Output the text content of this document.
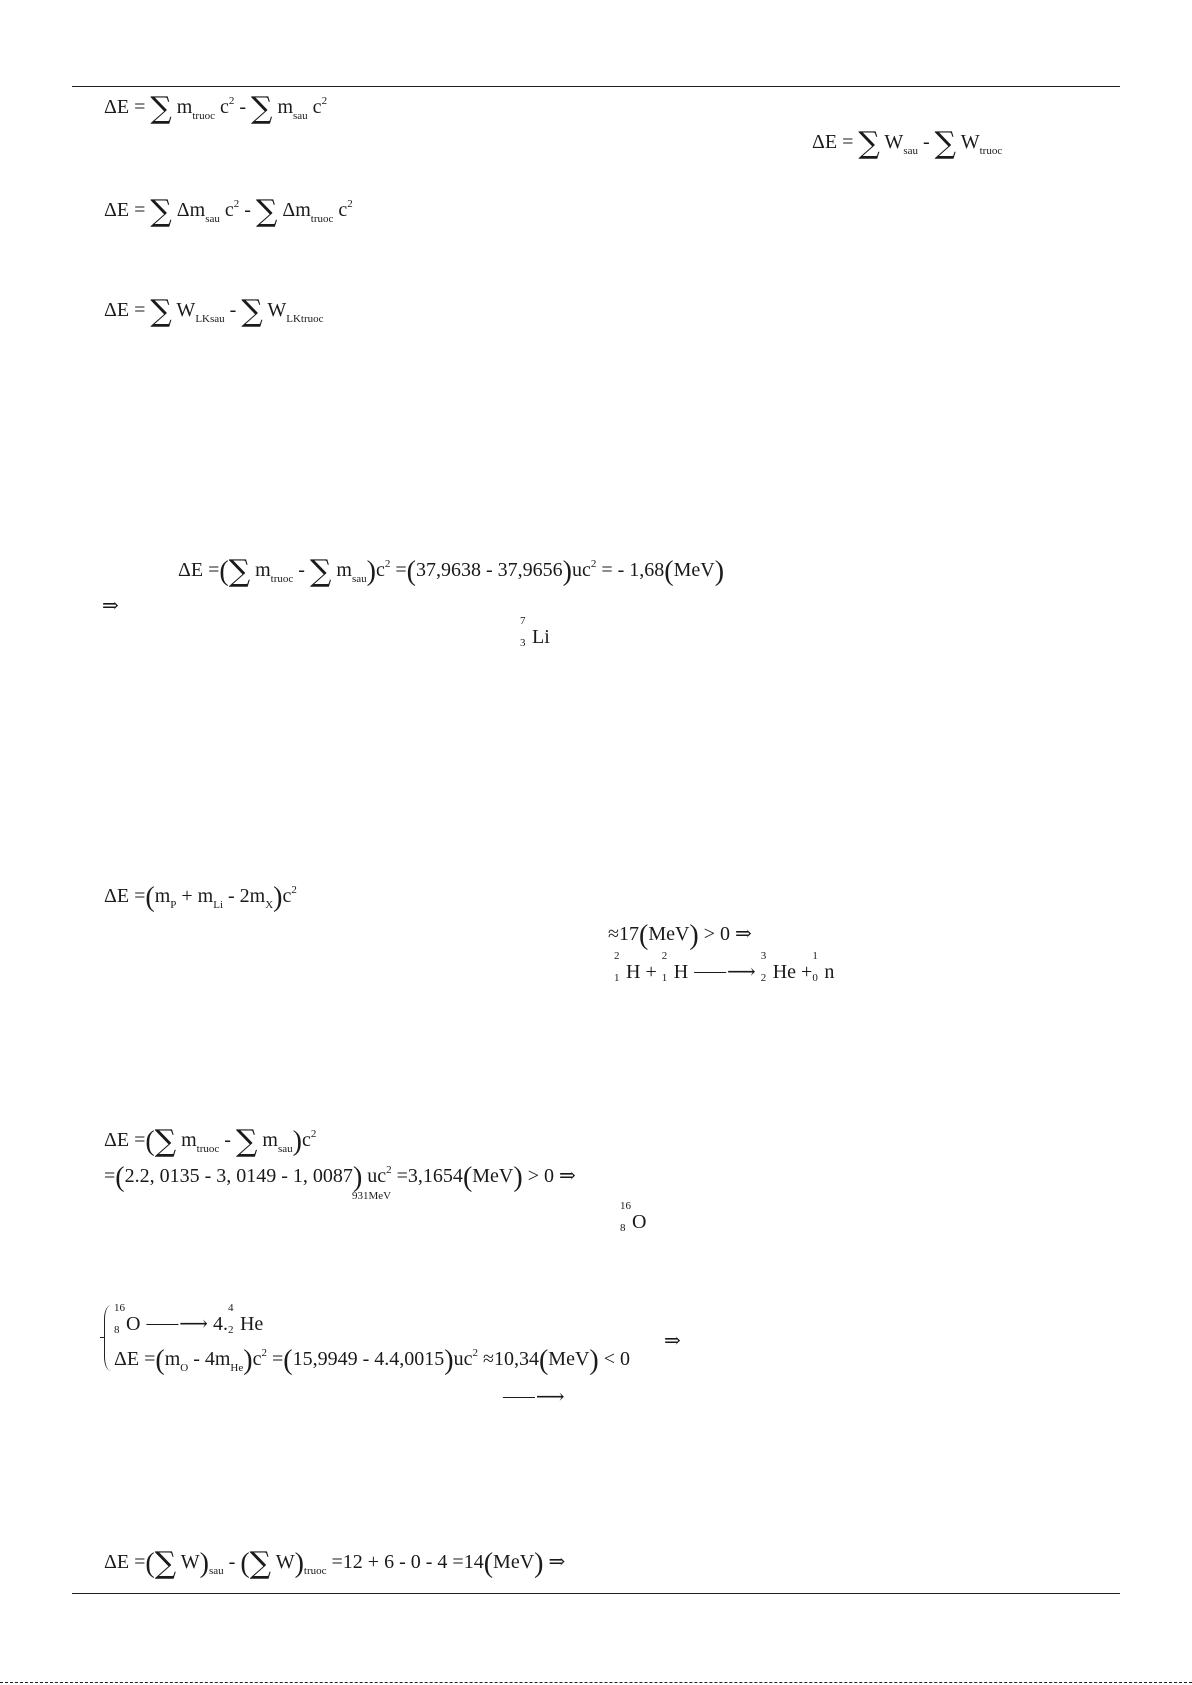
ΔE = ∑ $m_{truoc}$ $c^2$ - ∑ $m_{sau}$ $c^2$
ΔE = ∑ $W_{sau}$ - ∑ $W_{truoc}$
ΔE = ∑ $\Delta m_{sau}$ $c^2$ - ∑ $\Delta m_{truoc}$ $c^2$
ΔE = ∑ $W_{LKsau}$ - ∑ $W_{LKtruoc}$
ΔE =(∑ $m_{truoc}$ - ∑ $m_{sau})c^2 =(37,9638 - 37,9656)uc^2$ = - 1,68(MeV)
⇒
7
3 Li
$\Delta E =(m_P + m_{Li} - 2m_X)c^2$
≈17(MeV) > 0 ⇒
2
1 H +
2
1 H ⸺⟶
3
2 He +
1
0 n
ΔE =(∑ $m_{truoc}$ - ∑ $m_{sau})c^2$
=(2.2, 0135 - 3, 0149 - 1, 0087) $uc^2 =3,1654(MeV) > 0$ ⇒
931MeV
16
8 O
16
8 O ⸺⟶ 4.
4
2 He
$\Delta E =(m_O - 4m_{He})c^2 =(15,9949 - 4.4,0015)uc^2 \approx 10,34(MeV) < 0$
⇒
⸺⟶
ΔE =(∑ $W)_{sau}$ - (∑ $W)_{truoc} =12 + 6 - 0 - 4 =14(MeV)$ ⇒
